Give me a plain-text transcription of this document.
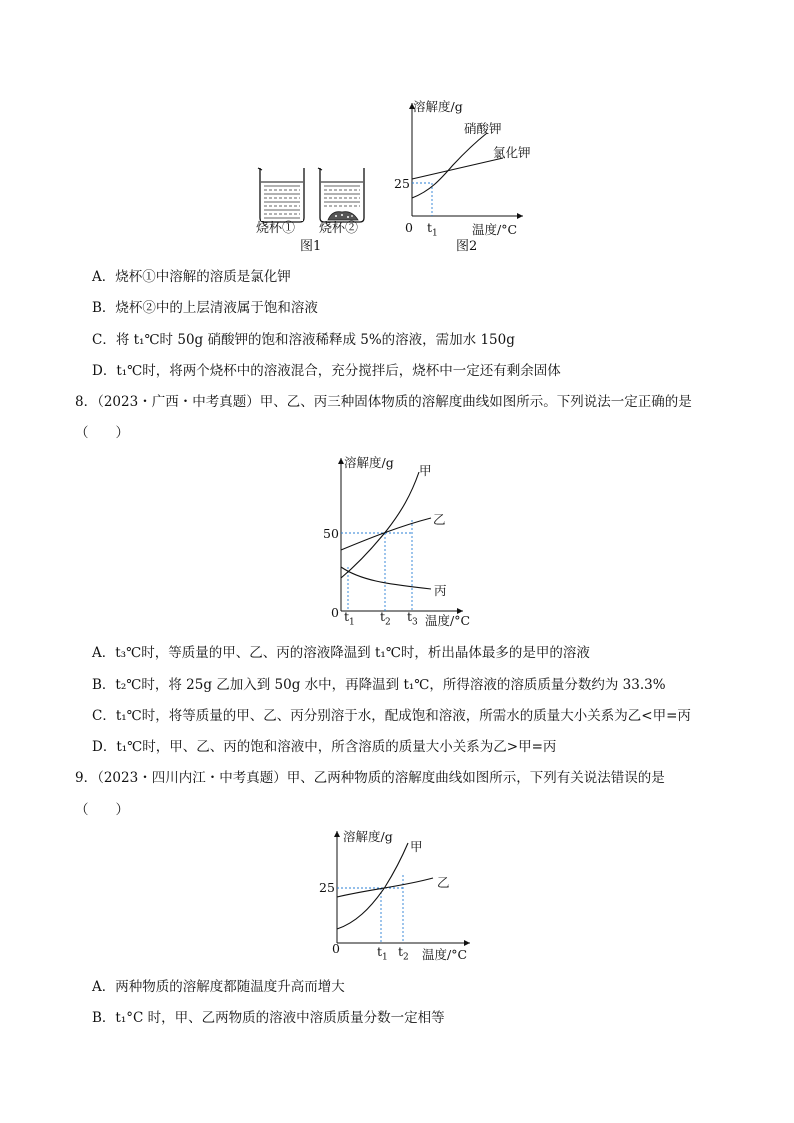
烧杯① 烧杯②
图1
溶解度/g
硝酸钾
氯化钾
25
0 $t_1$	温度/°C
图2
A．烧杯①中溶解的溶质是氯化钾
B．烧杯②中的上层清液属于饱和溶液
C．将 t₁℃时 50g 硝酸钾的饱和溶液稀释成 5%的溶液，需加水 150g
D．t₁℃时，将两个烧杯中的溶液混合，充分搅拌后，烧杯中一定还有剩余固体
8．（2023・广西・中考真题）甲、乙、丙三种固体物质的溶解度曲线如图所示。下列说法一定正确的是
（　　）
溶解度/g
甲
乙
丙
50
0 $t_1$ $t_2$ $t_3$ 温度/°C
A．t₃℃时，等质量的甲、乙、丙的溶液降温到 t₁℃时，析出晶体最多的是甲的溶液
B．t₂℃时，将 25g 乙加入到 50g 水中，再降温到 t₁℃，所得溶液的溶质质量分数约为 33.3%
C．t₁℃时，将等质量的甲、乙、丙分别溶于水，配成饱和溶液，所需水的质量大小关系为乙<甲=丙
D．t₁℃时，甲、乙、丙的饱和溶液中，所含溶质的质量大小关系为乙>甲=丙
9．（2023・四川内江・中考真题）甲、乙两种物质的溶解度曲线如图所示，下列有关说法错误的是
（　　）
溶解度/g
甲
乙
25
0	$t_1$ $t_2$ 温度/°C
A．两种物质的溶解度都随温度升高而增大
B．t₁°C 时，甲、乙两物质的溶液中溶质质量分数一定相等
